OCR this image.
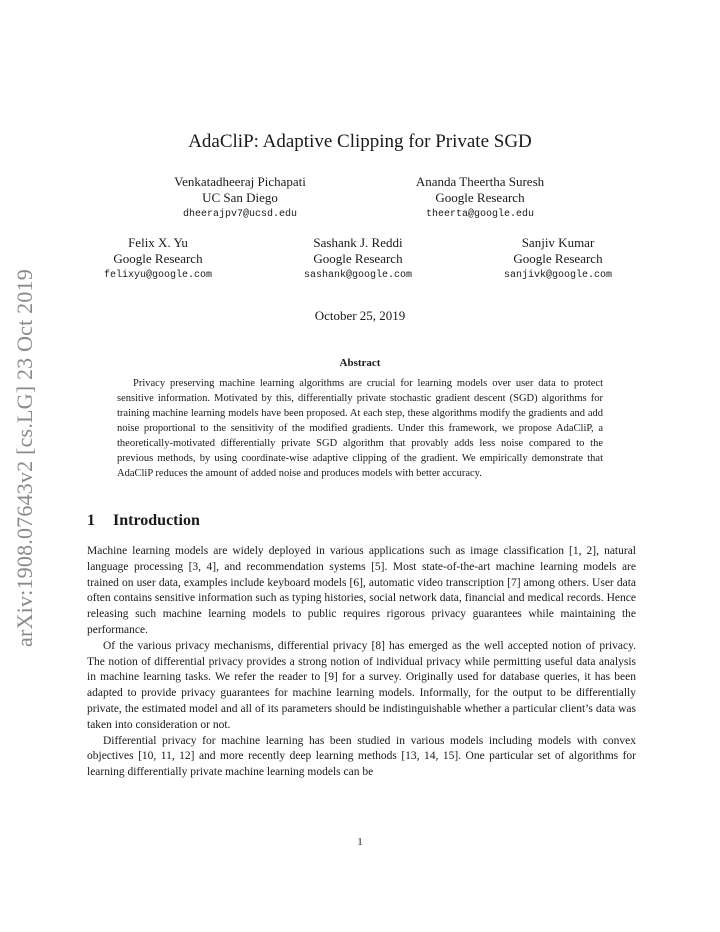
arXiv:1908.07643v2 [cs.LG] 23 Oct 2019
AdaCliP: Adaptive Clipping for Private SGD
Venkatadheeraj Pichapati
UC San Diego
dheerajpv7@ucsd.edu
Ananda Theertha Suresh
Google Research
theerta@google.edu
Felix X. Yu
Google Research
felixyu@google.com
Sashank J. Reddi
Google Research
sashank@google.com
Sanjiv Kumar
Google Research
sanjivk@google.com
October 25, 2019
Abstract
Privacy preserving machine learning algorithms are crucial for learning models over user data to protect sensitive information. Motivated by this, differentially private stochastic gradient descent (SGD) algorithms for training machine learning models have been proposed. At each step, these algorithms modify the gradients and add noise proportional to the sensitivity of the modified gradients. Under this framework, we propose AdaCliP, a theoretically-motivated differentially private SGD algorithm that provably adds less noise compared to the previous methods, by using coordinate-wise adaptive clipping of the gradient. We empirically demonstrate that AdaCliP reduces the amount of added noise and produces models with better accuracy.
1 Introduction

Machine learning models are widely deployed in various applications such as image classification [1, 2], natural language processing [3, 4], and recommendation systems [5]. Most state-of-the-art machine learning models are trained on user data, examples include keyboard models [6], automatic video transcription [7] among others. User data often contains sensitive information such as typing histories, social network data, financial and medical records. Hence releasing such machine learning models to public requires rigorous privacy guarantees while maintaining the performance.

Of the various privacy mechanisms, differential privacy [8] has emerged as the well accepted notion of privacy. The notion of differential privacy provides a strong notion of individual privacy while permitting useful data analysis in machine learning tasks. We refer the reader to [9] for a survey. Originally used for database queries, it has been adapted to provide privacy guarantees for machine learning models. Informally, for the output to be differentially private, the estimated model and all of its parameters should be indistinguishable whether a particular client’s data was taken into consideration or not.

Differential privacy for machine learning has been studied in various models including models with convex objectives [10, 11, 12] and more recently deep learning methods [13, 14, 15]. One particular set of algorithms for learning differentially private machine learning models can be

1
